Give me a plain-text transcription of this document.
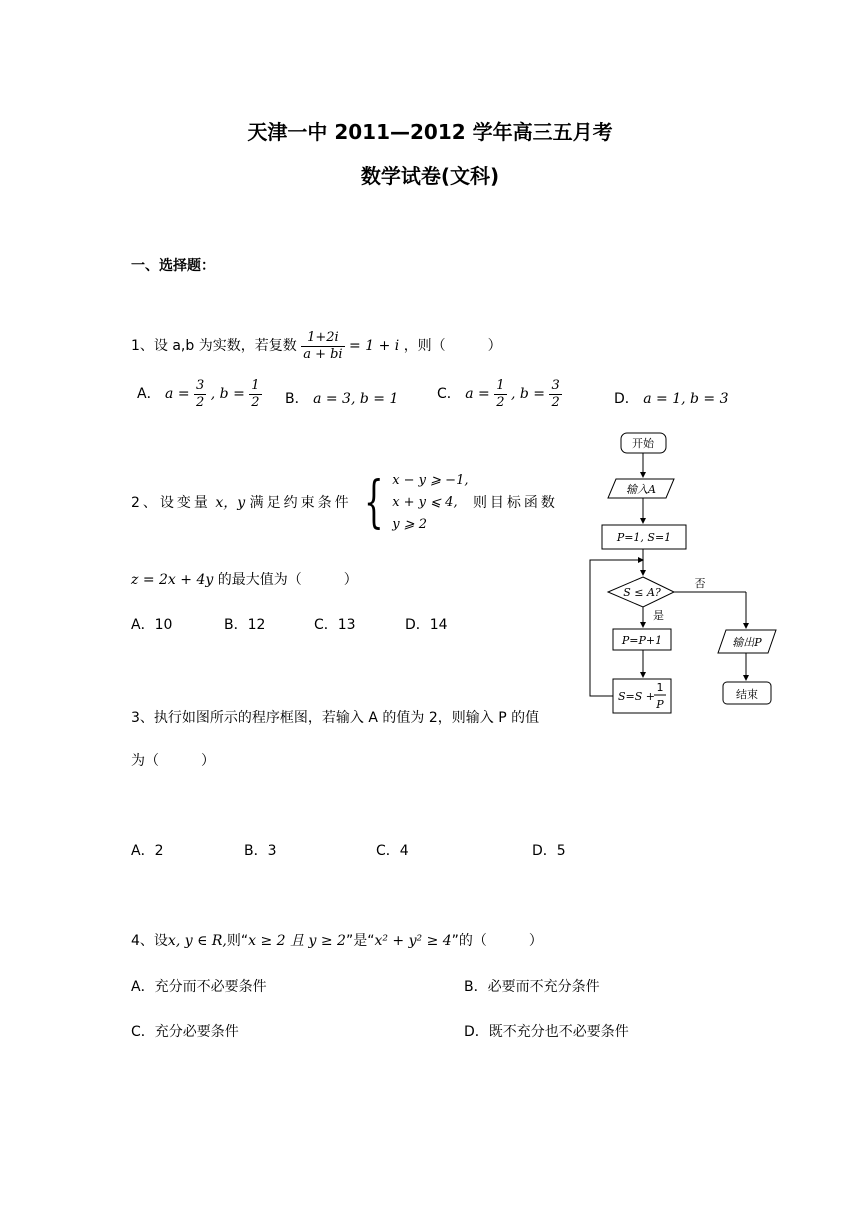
天津一中 2011—2012 学年高三五月考
数学试卷(文科)
一、选择题：
1、设 a,b 为实数，若复数 $\frac{1+2i}{a + bi} = 1 + i$ ，则（　　　）
A． $a = \frac{3}{2}$ , $b = \frac{1}{2}$ B． a = 3, b = 1	C． $a = \frac{1}{2}$ , $b = \frac{3}{2}$	D． a = 1, b = 3
2、设变量 x，y 满足约束条件 { x − y ⩾ −1,
x + y ⩽ 4,
y ⩾ 2
则目标函数
z = 2x + 4y 的最大值为（　　　）
A．10	B．12	C．13	D．14
3、执行如图所示的程序框图，若输入 A 的值为 2，则输入 P 的值
为（　　　）
A．2	B．3	C．4	D．5
开始
输入A
P=1, S=1
S ≤ A?
否
是
P=P+1
S=S +
1
P
输出P
结束
4、设x, y ∈ R,则“x ≥ 2 且 y ≥ 2”是“x² + y² ≥ 4”的（　　　）
A．充分而不必要条件	B．必要而不充分条件
C．充分必要条件	D．既不充分也不必要条件
